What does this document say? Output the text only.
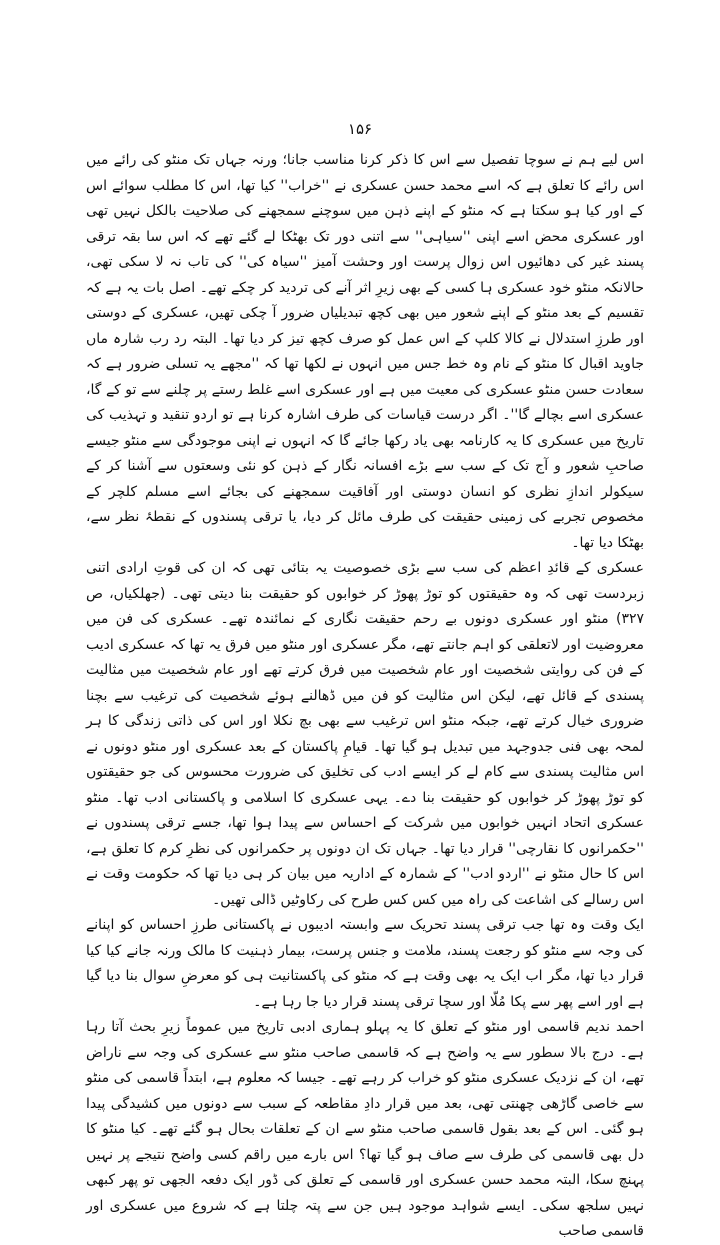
۱۵۶

اس لیے ہم نے سوچا تفصیل سے اس کا ذکر کرنا مناسب جانا؛ ورنہ جہاں تک منٹو کی رائے میں اس رائے کا تعلق ہے کہ اسے محمد حسن عسکری نے ''خراب'' کیا تھا، اس کا مطلب سوائے اس کے اور کیا ہو سکتا ہے کہ منٹو کے اپنے ذہن میں سوچنے سمجھنے کی صلاحیت بالکل نہیں تھی اور عسکری محض اسے اپنی ''سیاہی'' سے اتنی دور تک بھٹکا لے گئے تھے کہ اس سا بقہ ترقی پسند غیر کی دھائیوں اس زوال پرست اور وحشت آمیز ''سیاہ کی'' کی تاب نہ لا سکی تھی، حالانکہ منٹو خود عسکری ہا کسی کے بھی زیرِ اثر آنے کی تردید کر چکے تھے۔ اصل بات یہ ہے کہ تقسیم کے بعد منٹو کے اپنے شعور میں بھی کچھ تبدیلیاں ضرور آ چکی تھیں، عسکری کے دوستی اور طرزِ استدلال نے کالا کلپ کے اس عمل کو صرف کچھ تیز کر دیا تھا۔ البتہ رد رب شارہ ماں جاوید اقبال کا منٹو کے نام وہ خط جس میں انہوں نے لکھا تھا کہ ''مجھے یہ تسلی ضرور ہے کہ سعادت حسن منٹو عسکری کی معیت میں ہے اور عسکری اسے غلط رستے پر چلنے سے تو کے گا، عسکری اسے بچالے گا''۔ اگر درست قیاسات کی طرف اشارہ کرنا ہے تو اردو تنقید و تہذیب کی تاریخ میں عسکری کا یہ کارنامہ بھی یاد رکھا جائے گا کہ انہوں نے اپنی موجودگی سے منٹو جیسے صاحبِ شعور و آج تک کے سب سے بڑے افسانہ نگار کے ذہن کو نئی وسعتوں سے آشنا کر کے سیکولر اندازِ نظری کو انسان دوستی اور آفاقیت سمجھنے کی بجائے اسے مسلم کلچر کے مخصوص تجربے کی زمینی حقیقت کی طرف مائل کر دیا، یا ترقی پسندوں کے نقطۂ نظر سے، بھٹکا دیا تھا۔

عسکری کے قائدِ اعظم کی سب سے بڑی خصوصیت یہ بتائی تھی کہ ان کی قوتِ ارادی اتنی زبردست تھی کہ وہ حقیقتوں کو توڑ پھوڑ کر خوابوں کو حقیقت بنا دیتی تھی۔ (جھلکیاں، ص ۳۲۷) منٹو اور عسکری دونوں بے رحم حقیقت نگاری کے نمائندہ تھے۔ عسکری کی فن میں معروضیت اور لاتعلقی کو اہم جانتے تھے، مگر عسکری اور منٹو میں فرق یہ تھا کہ عسکری ادیب کے فن کی روایتی شخصیت اور عام شخصیت میں فرق کرتے تھے اور عام شخصیت میں مثالیت پسندی کے قائل تھے، لیکن اس مثالیت کو فن میں ڈھالنے ہوئے شخصیت کی ترغیب سے بچنا ضروری خیال کرتے تھے، جبکہ منٹو اس ترغیب سے بھی بچ نکلا اور اس کی ذاتی زندگی کا ہر لمحہ بھی فنی جدوجہد میں تبدیل ہو گیا تھا۔ قیامِ پاکستان کے بعد عسکری اور منٹو دونوں نے اس مثالیت پسندی سے کام لے کر ایسے ادب کی تخلیق کی ضرورت محسوس کی جو حقیقتوں کو توڑ پھوڑ کر خوابوں کو حقیقت بنا دے۔ یہی عسکری کا اسلامی و پاکستانی ادب تھا۔ منٹو عسکری اتحاد انہیں خوابوں میں شرکت کے احساس سے پیدا ہوا تھا، جسے ترقی پسندوں نے ''حکمرانوں کا نقارچی'' قرار دیا تھا۔ جہاں تک ان دونوں پر حکمرانوں کی نظرِ کرم کا تعلق ہے، اس کا حال منٹو نے ''اردو ادب'' کے شمارہ کے اداریہ میں بیان کر ہی دیا تھا کہ حکومت وقت نے اس رسالے کی اشاعت کی راہ میں کس کس طرح کی رکاوٹیں ڈالی تھیں۔

ایک وقت وہ تھا جب ترقی پسند تحریک سے وابستہ ادیبوں نے پاکستانی طرزِ احساس کو اپنانے کی وجہ سے منٹو کو رجعت پسند، ملامت و جنس پرست، بیمار ذہنیت کا مالک ورنہ جانے کیا کیا قرار دیا تھا، مگر اب ایک یہ بھی وقت ہے کہ منٹو کی پاکستانیت ہی کو معرضِ سوال بنا دیا گیا ہے اور اسے پھر سے پکا مُلّا اور سچا ترقی پسند قرار دیا جا رہا ہے۔

احمد ندیم قاسمی اور منٹو کے تعلق کا یہ پہلو ہماری ادبی تاریخ میں عموماً زیرِ بحث آتا رہا ہے۔ درج بالا سطور سے یہ واضح ہے کہ قاسمی صاحب منٹو سے عسکری کی وجہ سے ناراض تھے، ان کے نزدیک عسکری منٹو کو خراب کر رہے تھے۔ جیسا کہ معلوم ہے، ابتداً قاسمی کی منٹو سے خاصی گاڑھی چھنتی تھی، بعد میں قرار دادِ مقاطعہ کے سبب سے دونوں میں کشیدگی پیدا ہو گئی۔ اس کے بعد بقول قاسمی صاحب منٹو سے ان کے تعلقات بحال ہو گئے تھے۔ کیا منٹو کا دل بھی قاسمی کی طرف سے صاف ہو گیا تھا؟ اس بارے میں راقم کسی واضح نتیجے پر نہیں پہنچ سکا، البتہ محمد حسن عسکری اور قاسمی کے تعلق کی ڈور ایک دفعہ الجھی تو پھر کبھی نہیں سلجھ سکی۔ ایسے شواہد موجود ہیں جن سے پتہ چلتا ہے کہ شروع میں عسکری اور قاسمی صاحب
